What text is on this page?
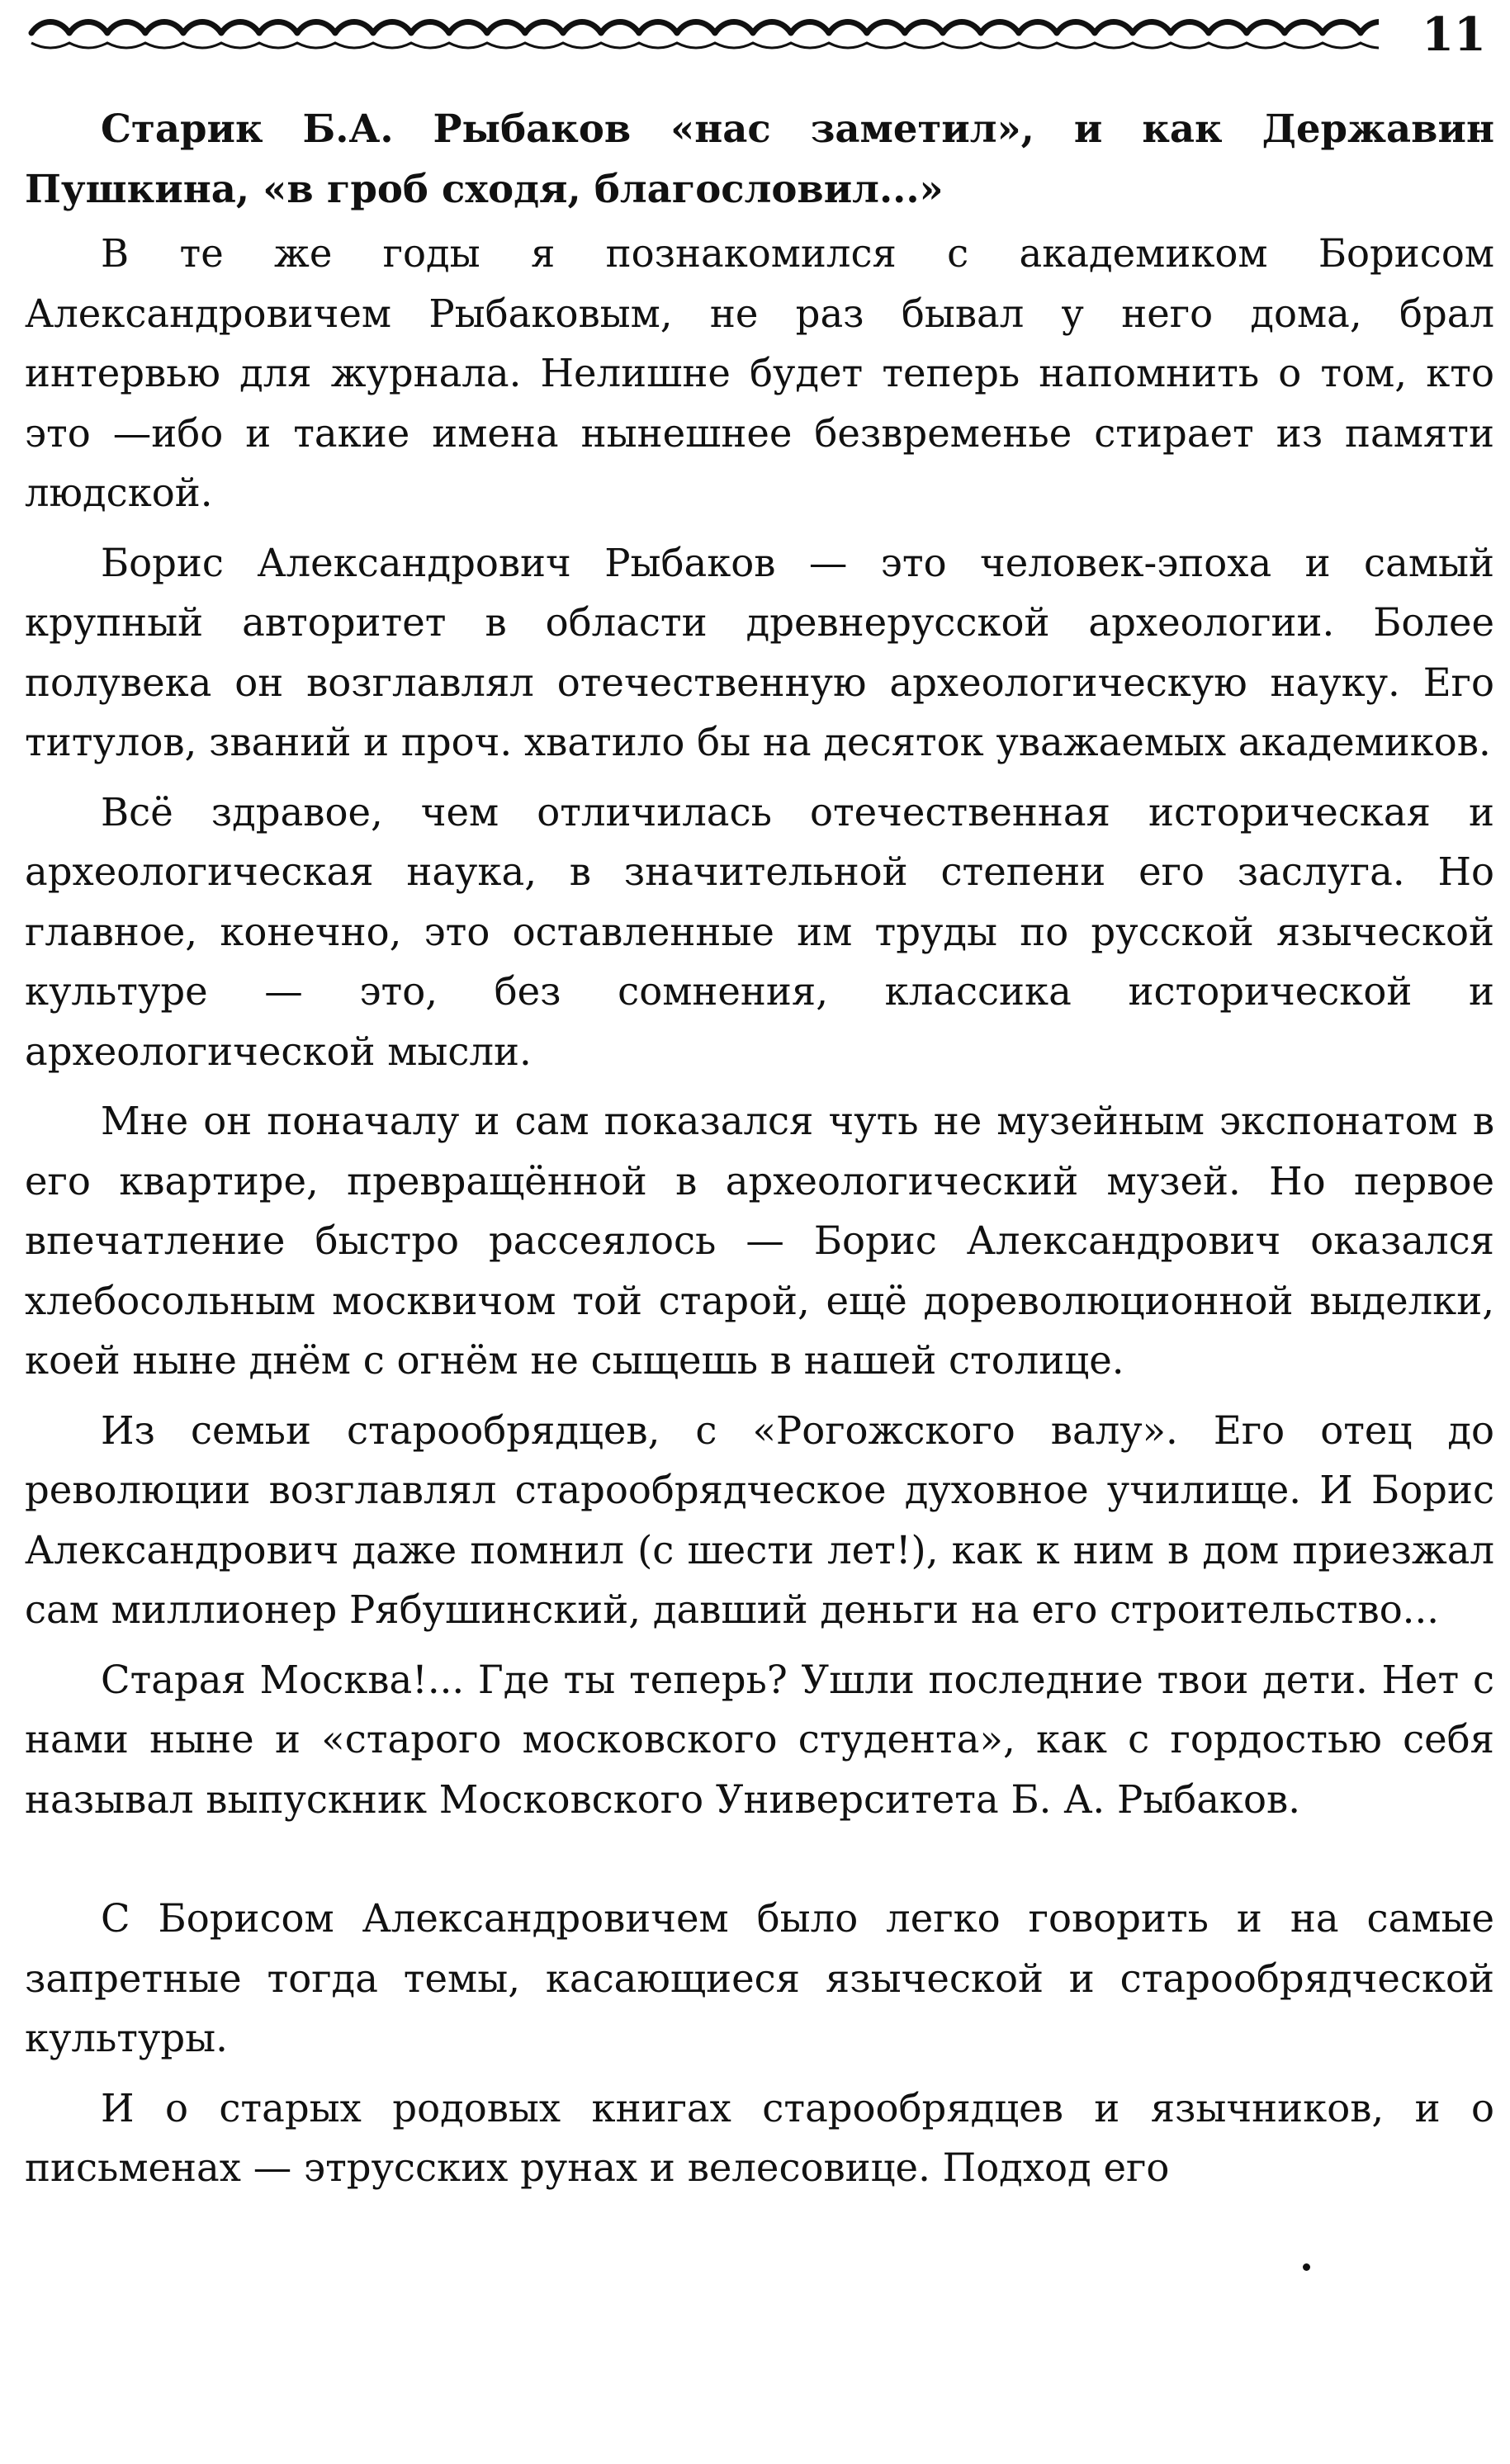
11

Старик Б.А. Рыбаков «нас заметил», и как Державин Пушкина, «в гроб сходя, благословил...»

В те же годы я познакомился с академиком Борисом Александровичем Рыбаковым, не раз бывал у него дома, брал интервью для журнала. Нелишне будет теперь напомнить о том, кто это —ибо и такие имена нынешнее безвременье стирает из памяти людской.

Борис Александрович Рыбаков — это человек-эпоха и самый крупный авторитет в области древнерусской археологии. Более полувека он возглавлял отечественную археологическую науку. Его титулов, званий и проч. хватило бы на десяток уважаемых академиков.

Всё здравое, чем отличилась отечественная историческая и археологическая наука, в значительной степени его заслуга. Но главное, конечно, это оставленные им труды по русской языческой культуре — это, без сомнения, классика исторической и археологической мысли.

Мне он поначалу и сам показался чуть не музейным экспонатом в его квартире, превращённой в археологический музей. Но первое впечатление быстро рассеялось — Борис Александрович оказался хлебосольным москвичом той старой, ещё дореволюционной выделки, коей ныне днём с огнём не сыщешь в нашей столице.

Из семьи старообрядцев, с «Рогожского валу». Его отец до революции возглавлял старообрядческое духовное училище. И Борис Александрович даже помнил (с шести лет!), как к ним в дом приезжал сам миллионер Рябушинский, давший деньги на его строительство...

Старая Москва!... Где ты теперь? Ушли последние твои дети. Нет с нами ныне и «старого московского студента», как с гордостью себя называл выпускник Московского Университета Б. А. Рыбаков.

С Борисом Александровичем было легко говорить и на самые запретные тогда темы, касающиеся языческой и старообрядческой культуры.

И о старых родовых книгах старообрядцев и язычников, и о письменах — этрусских рунах и велесовице. Подход его
